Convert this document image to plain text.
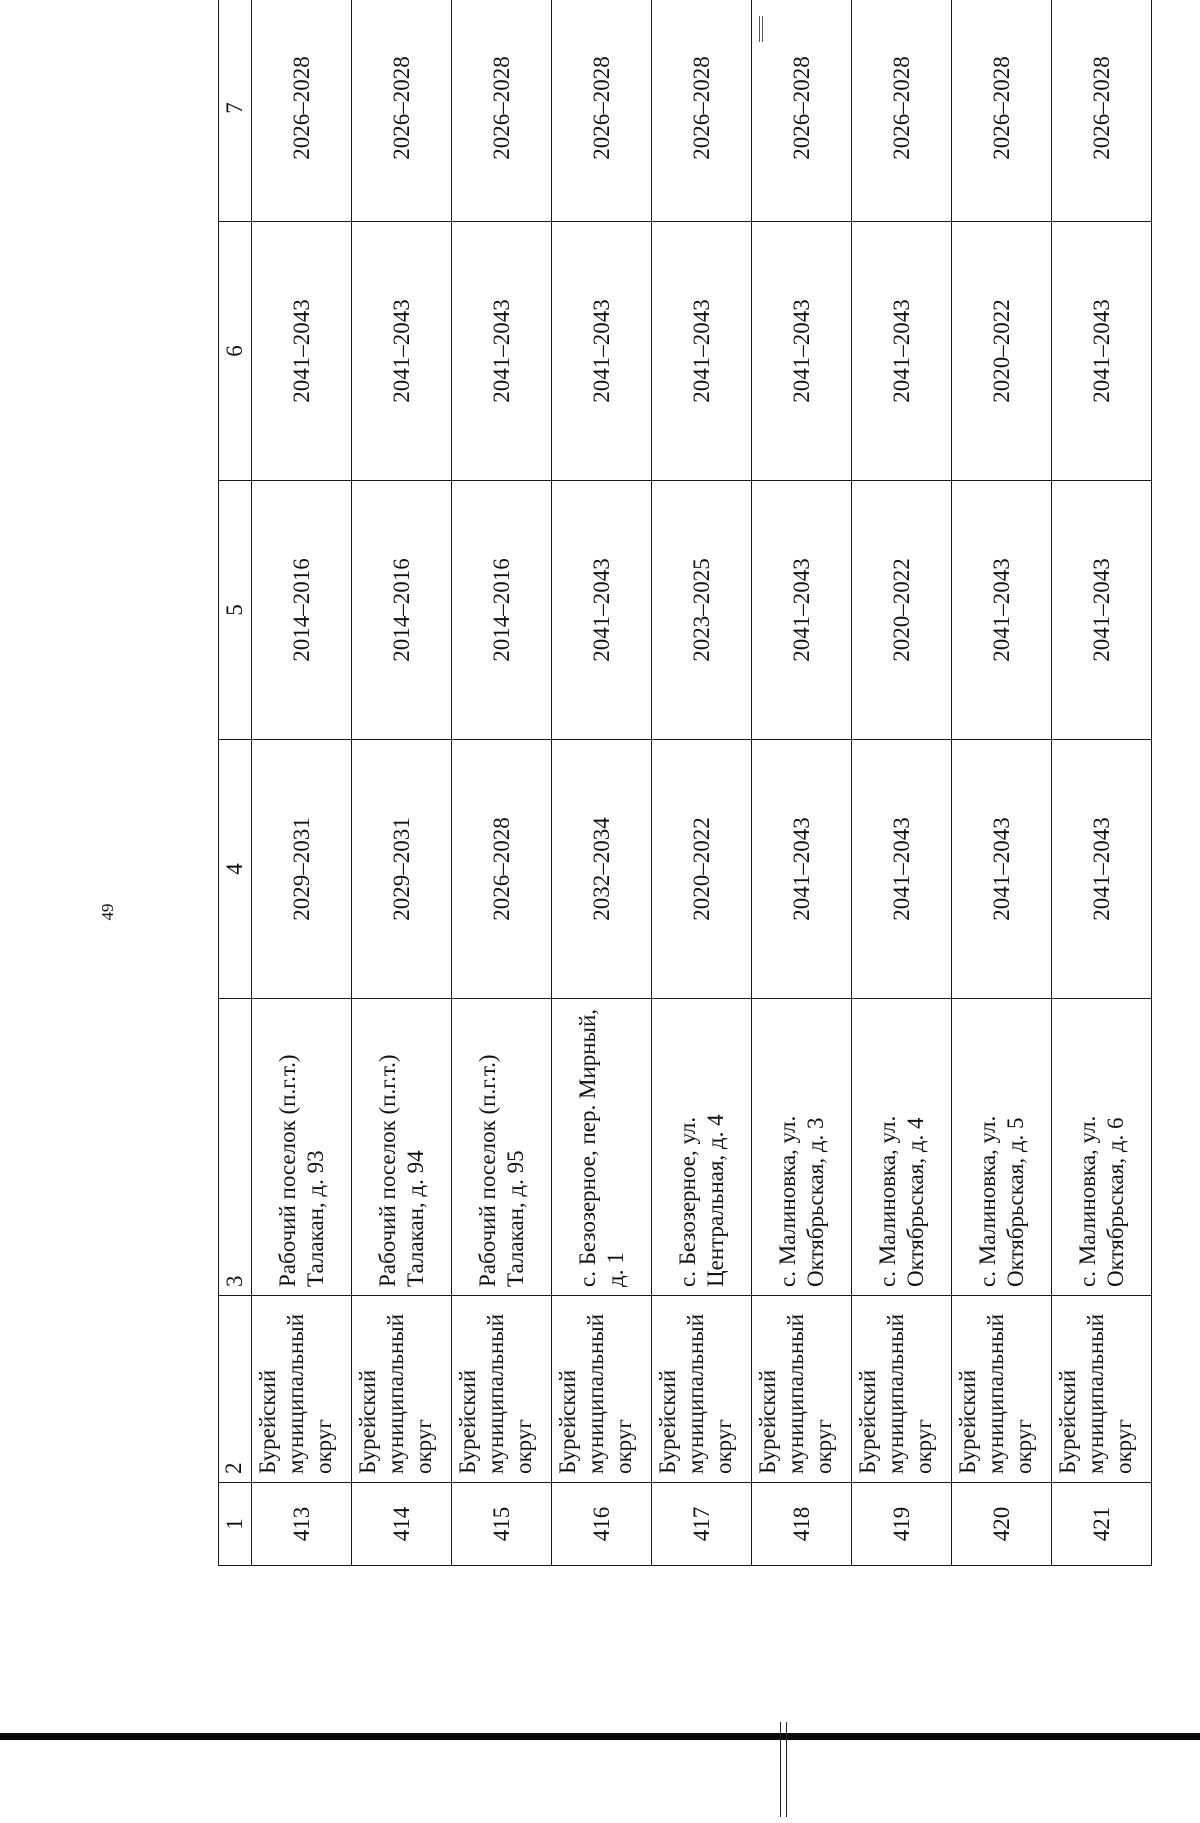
49
1	2	3	4	5	6	7
413	Бурейский муниципальный округ	Рабочий поселок (п.г.т.) Талакан, д. 93	2029–2031	2014–2016	2041–2043	2026–2028
414	Бурейский муниципальный округ	Рабочий поселок (п.г.т.) Талакан, д. 94	2029–2031	2014–2016	2041–2043	2026–2028
415	Бурейский муниципальный округ	Рабочий поселок (п.г.т.) Талакан, д. 95	2026–2028	2014–2016	2041–2043	2026–2028
416	Бурейский муниципальный округ	с. Безозерное, пер. Мирный, д. 1	2032–2034	2041–2043	2041–2043	2026–2028
417	Бурейский муниципальный округ	с. Безозерное, ул. Центральная, д. 4	2020–2022	2023–2025	2041–2043	2026–2028
418	Бурейский муниципальный округ	с. Малиновка, ул. Октябрьская, д. 3	2041–2043	2041–2043	2041–2043	2026–2028
419	Бурейский муниципальный округ	с. Малиновка, ул. Октябрьская, д. 4	2041–2043	2020–2022	2041–2043	2026–2028
420	Бурейский муниципальный округ	с. Малиновка, ул. Октябрьская, д. 5	2041–2043	2041–2043	2020–2022	2026–2028
421	Бурейский муниципальный округ	с. Малиновка, ул. Октябрьская, д. 6	2041–2043	2041–2043	2041–2043	2026–2028
